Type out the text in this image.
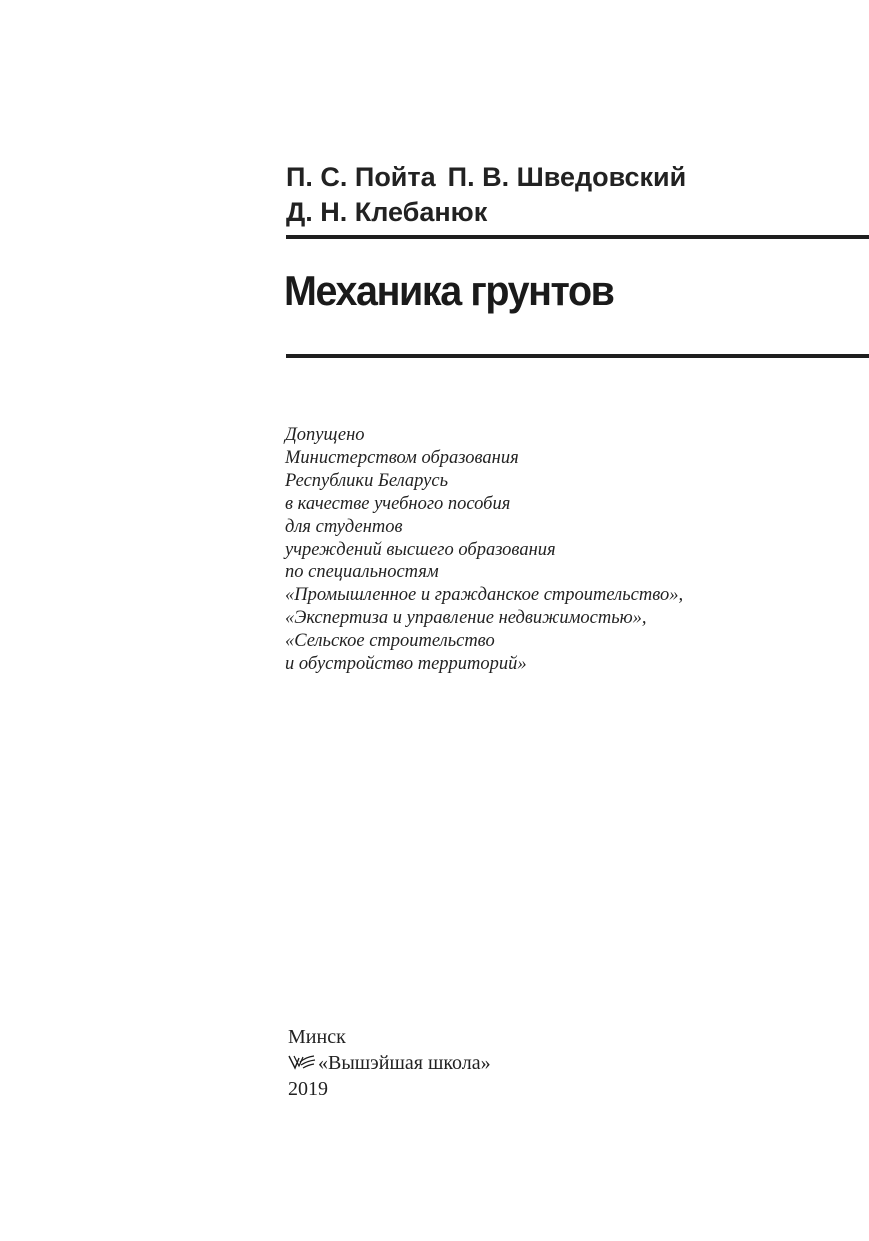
П. С. Пойта П. В. Шведовский
Д. Н. Клебанюк
Механика грунтов
Допущено
Министерством образования
Республики Беларусь
в качестве учебного пособия
для студентов
учреждений высшего образования
по специальностям
«Промышленное и гражданское строительство»,
«Экспертиза и управление недвижимостью»,
«Сельское строительство
и обустройство территорий»
Минск
«Вышэйшая школа»
2019
